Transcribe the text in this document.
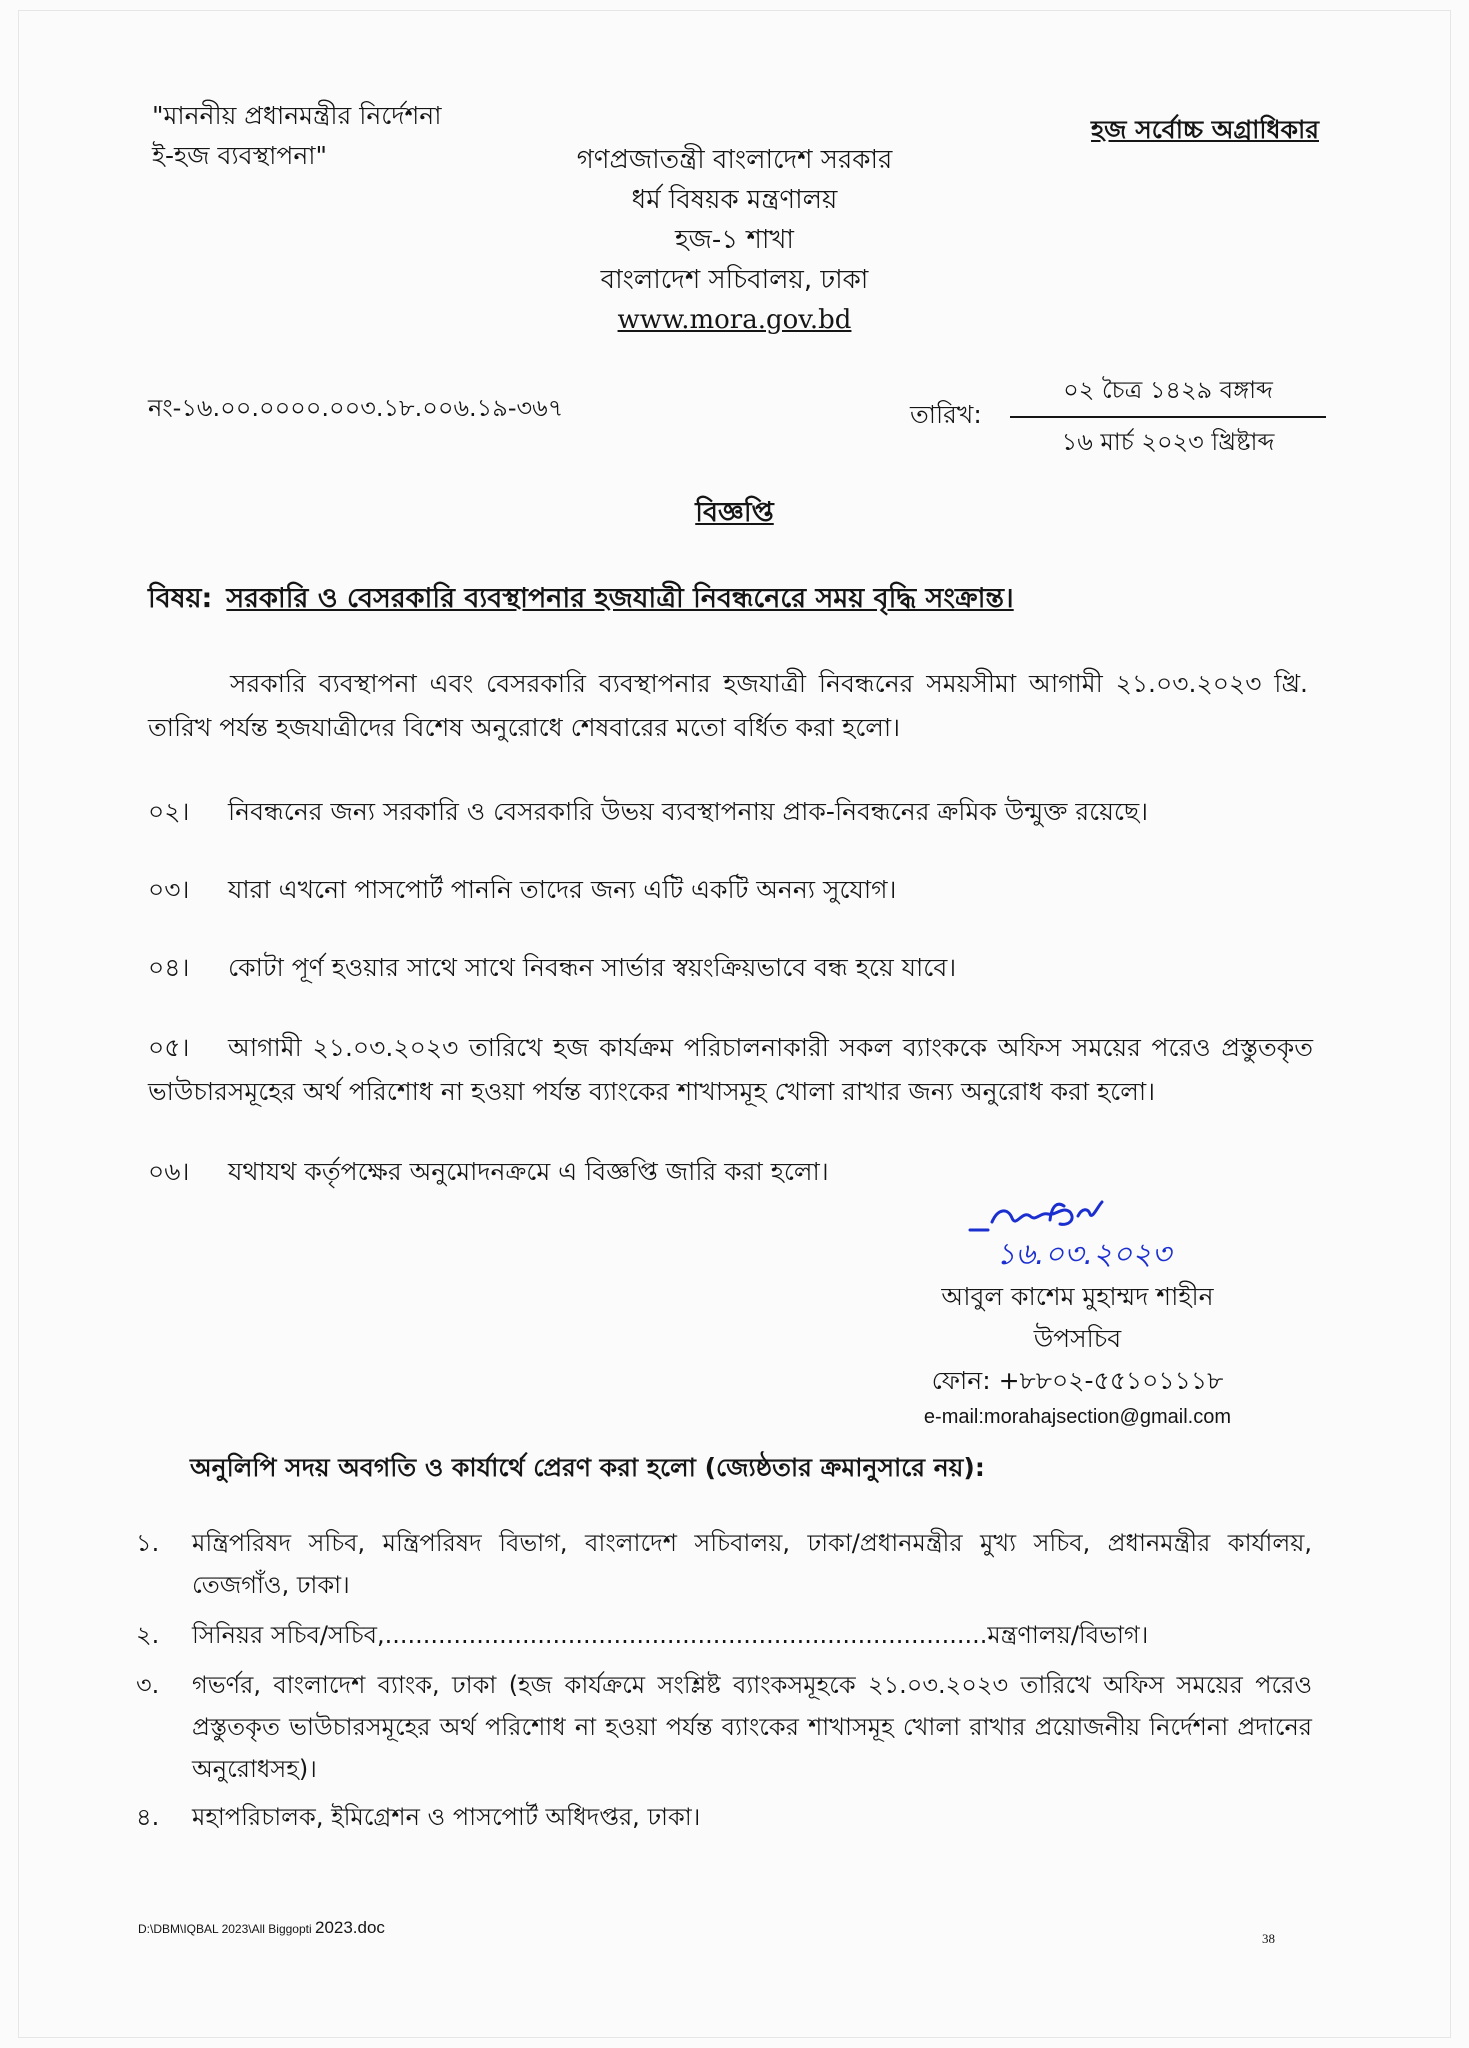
"মাননীয় প্রধানমন্ত্রীর নির্দেশনা
ই-হজ ব্যবস্থাপনা"
হজ সর্বোচ্চ অগ্রাধিকার
গণপ্রজাতন্ত্রী বাংলাদেশ সরকার
ধর্ম বিষয়ক মন্ত্রণালয়
হজ-১ শাখা
বাংলাদেশ সচিবালয়, ঢাকা
www.mora.gov.bd
নং-১৬.০০.০০০০.০০৩.১৮.০০৬.১৯-৩৬৭	তারিখ:
০২ চৈত্র ১৪২৯ বঙ্গাব্দ
১৬ মার্চ ২০২৩ খ্রিষ্টাব্দ
বিজ্ঞপ্তি
বিষয়: সরকারি ও বেসরকারি ব্যবস্থাপনার হজযাত্রী নিবন্ধনেরে সময় বৃদ্ধি সংক্রান্ত।
সরকারি ব্যবস্থাপনা এবং বেসরকারি ব্যবস্থাপনার হজযাত্রী নিবন্ধনের সময়সীমা আগামী ২১.০৩.২০২৩ খ্রি. তারিখ পর্যন্ত হজযাত্রীদের বিশেষ অনুরোধে শেষবারের মতো বর্ধিত করা হলো।
০২। নিবন্ধনের জন্য সরকারি ও বেসরকারি উভয় ব্যবস্থাপনায় প্রাক-নিবন্ধনের ক্রমিক উন্মুক্ত রয়েছে।
০৩। যারা এখনো পাসপোর্ট পাননি তাদের জন্য এটি একটি অনন্য সুযোগ।
০৪। কোটা পূর্ণ হওয়ার সাথে সাথে নিবন্ধন সার্ভার স্বয়ংক্রিয়ভাবে বন্ধ হয়ে যাবে।
০৫। আগামী ২১.০৩.২০২৩ তারিখে হজ কার্যক্রম পরিচালনাকারী সকল ব্যাংককে অফিস সময়ের পরেও প্রস্তুতকৃত ভাউচারসমূহের অর্থ পরিশোধ না হওয়া পর্যন্ত ব্যাংকের শাখাসমূহ খোলা রাখার জন্য অনুরোধ করা হলো।
০৬। যথাযথ কর্তৃপক্ষের অনুমোদনক্রমে এ বিজ্ঞপ্তি জারি করা হলো।
১৬.০৩.২০২৩
আবুল কাশেম মুহাম্মদ শাহীন
উপসচিব
ফোন: +৮৮০২-৫৫১০১১১৮
e-mail:morahajsection@gmail.com
অনুলিপি সদয় অবগতি ও কার্যার্থে প্রেরণ করা হলো (জ্যেষ্ঠতার ক্রমানুসারে নয়):
১. মন্ত্রিপরিষদ সচিব, মন্ত্রিপরিষদ বিভাগ, বাংলাদেশ সচিবালয়, ঢাকা/প্রধানমন্ত্রীর মুখ্য সচিব, প্রধানমন্ত্রীর কার্যালয়, তেজগাঁও, ঢাকা।
২. সিনিয়র সচিব/সচিব,...............................................................................মন্ত্রণালয়/বিভাগ।
৩. গভর্ণর, বাংলাদেশ ব্যাংক, ঢাকা (হজ কার্যক্রমে সংশ্লিষ্ট ব্যাংকসমূহকে ২১.০৩.২০২৩ তারিখে অফিস সময়ের পরেও প্রস্তুতকৃত ভাউচারসমূহের অর্থ পরিশোধ না হওয়া পর্যন্ত ব্যাংকের শাখাসমূহ খোলা রাখার প্রয়োজনীয় নির্দেশনা প্রদানের অনুরোধসহ)।
৪. মহাপরিচালক, ইমিগ্রেশন ও পাসপোর্ট অধিদপ্তর, ঢাকা।
D:\DBM\IQBAL 2023\All Biggopti 2023.doc
38
